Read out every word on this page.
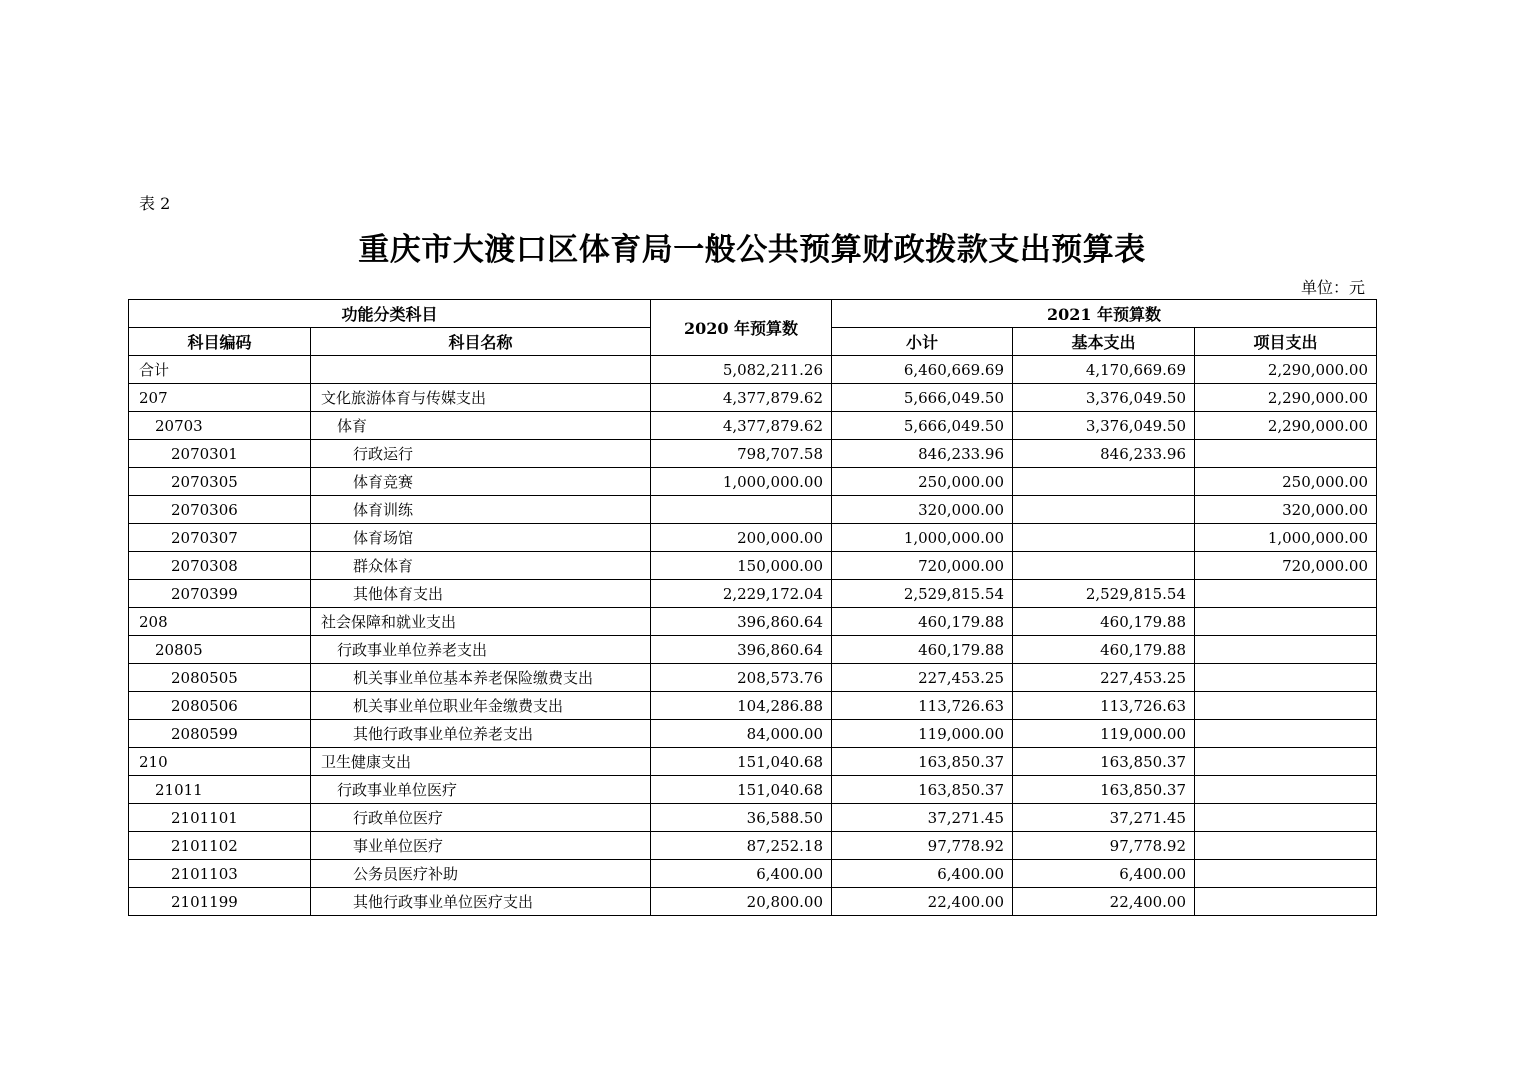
表 2
重庆市大渡口区体育局一般公共预算财政拨款支出预算表
单位：元
功能分类科目		2020 年预算数	2021 年预算数		
科目编码	科目名称		小计	基本支出	项目支出
合计		5,082,211.26	6,460,669.69	4,170,669.69	2,290,000.00
207	文化旅游体育与传媒支出	4,377,879.62	5,666,049.50	3,376,049.50	2,290,000.00
20703	体育	4,377,879.62	5,666,049.50	3,376,049.50	2,290,000.00
2070301	行政运行	798,707.58	846,233.96	846,233.96	
2070305	体育竞赛	1,000,000.00	250,000.00		250,000.00
2070306	体育训练		320,000.00		320,000.00
2070307	体育场馆	200,000.00	1,000,000.00		1,000,000.00
2070308	群众体育	150,000.00	720,000.00		720,000.00
2070399	其他体育支出	2,229,172.04	2,529,815.54	2,529,815.54	
208	社会保障和就业支出	396,860.64	460,179.88	460,179.88	
20805	行政事业单位养老支出	396,860.64	460,179.88	460,179.88	
2080505	机关事业单位基本养老保险缴费支出	208,573.76	227,453.25	227,453.25	
2080506	机关事业单位职业年金缴费支出	104,286.88	113,726.63	113,726.63	
2080599	其他行政事业单位养老支出	84,000.00	119,000.00	119,000.00	
210	卫生健康支出	151,040.68	163,850.37	163,850.37	
21011	行政事业单位医疗	151,040.68	163,850.37	163,850.37	
2101101	行政单位医疗	36,588.50	37,271.45	37,271.45	
2101102	事业单位医疗	87,252.18	97,778.92	97,778.92	
2101103	公务员医疗补助	6,400.00	6,400.00	6,400.00	
2101199	其他行政事业单位医疗支出	20,800.00	22,400.00	22,400.00	
